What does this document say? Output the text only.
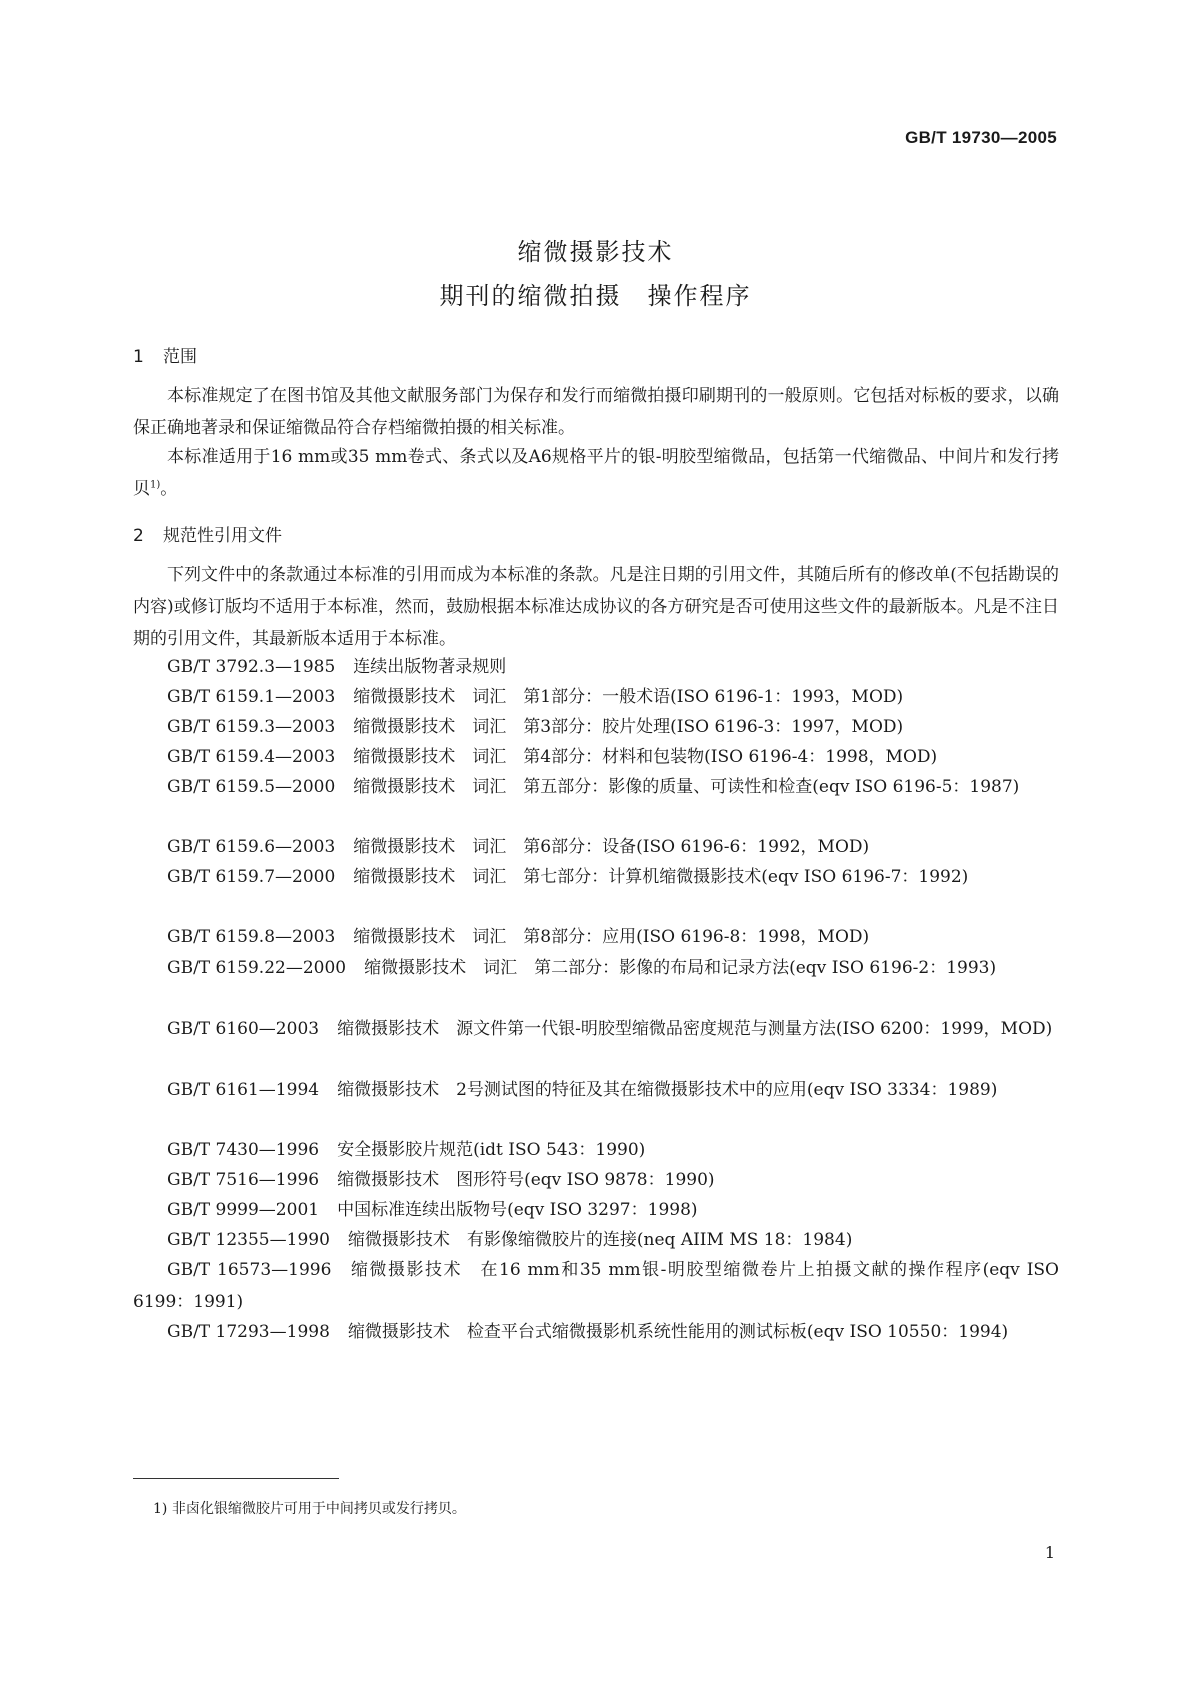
GB/T 19730—2005
缩微摄影技术
期刊的缩微拍摄　操作程序
1 范围
本标准规定了在图书馆及其他文献服务部门为保存和发行而缩微拍摄印刷期刊的一般原则。它包括对标板的要求，以确保正确地著录和保证缩微品符合存档缩微拍摄的相关标准。
本标准适用于16 mm或35 mm卷式、条式以及A6规格平片的银-明胶型缩微品，包括第一代缩微品、中间片和发行拷贝$^{1)}$。
2 规范性引用文件
下列文件中的条款通过本标准的引用而成为本标准的条款。凡是注日期的引用文件，其随后所有的修改单(不包括勘误的内容)或修订版均不适用于本标准，然而，鼓励根据本标准达成协议的各方研究是否可使用这些文件的最新版本。凡是不注日期的引用文件，其最新版本适用于本标准。
GB/T 3792.3—1985 连续出版物著录规则
GB/T 6159.1—2003 缩微摄影技术　词汇　第1部分：一般术语(ISO 6196-1：1993，MOD)
GB/T 6159.3—2003 缩微摄影技术　词汇　第3部分：胶片处理(ISO 6196-3：1997，MOD)
GB/T 6159.4—2003 缩微摄影技术　词汇　第4部分：材料和包装物(ISO 6196-4：1998，MOD)
GB/T 6159.5—2000 缩微摄影技术　词汇　第五部分：影像的质量、可读性和检查(eqv ISO 6196-5：1987)
GB/T 6159.6—2003 缩微摄影技术　词汇　第6部分：设备(ISO 6196-6：1992，MOD)
GB/T 6159.7—2000 缩微摄影技术　词汇　第七部分：计算机缩微摄影技术(eqv ISO 6196-7：1992)
GB/T 6159.8—2003 缩微摄影技术　词汇　第8部分：应用(ISO 6196-8：1998，MOD)
GB/T 6159.22—2000 缩微摄影技术　词汇　第二部分：影像的布局和记录方法(eqv ISO 6196-2：1993)
GB/T 6160—2003 缩微摄影技术　源文件第一代银-明胶型缩微品密度规范与测量方法(ISO 6200：1999，MOD)
GB/T 6161—1994 缩微摄影技术　2号测试图的特征及其在缩微摄影技术中的应用(eqv ISO 3334：1989)
GB/T 7430—1996 安全摄影胶片规范(idt ISO 543：1990)
GB/T 7516—1996 缩微摄影技术　图形符号(eqv ISO 9878：1990)
GB/T 9999—2001 中国标准连续出版物号(eqv ISO 3297：1998)
GB/T 12355—1990 缩微摄影技术　有影像缩微胶片的连接(neq AIIM MS 18：1984)
GB/T 16573—1996 缩微摄影技术　在16 mm和35 mm银-明胶型缩微卷片上拍摄文献的操作程序(eqv ISO 6199：1991)
GB/T 17293—1998 缩微摄影技术　检查平台式缩微摄影机系统性能用的测试标板(eqv ISO 10550：1994)
1) 非卤化银缩微胶片可用于中间拷贝或发行拷贝。
1
